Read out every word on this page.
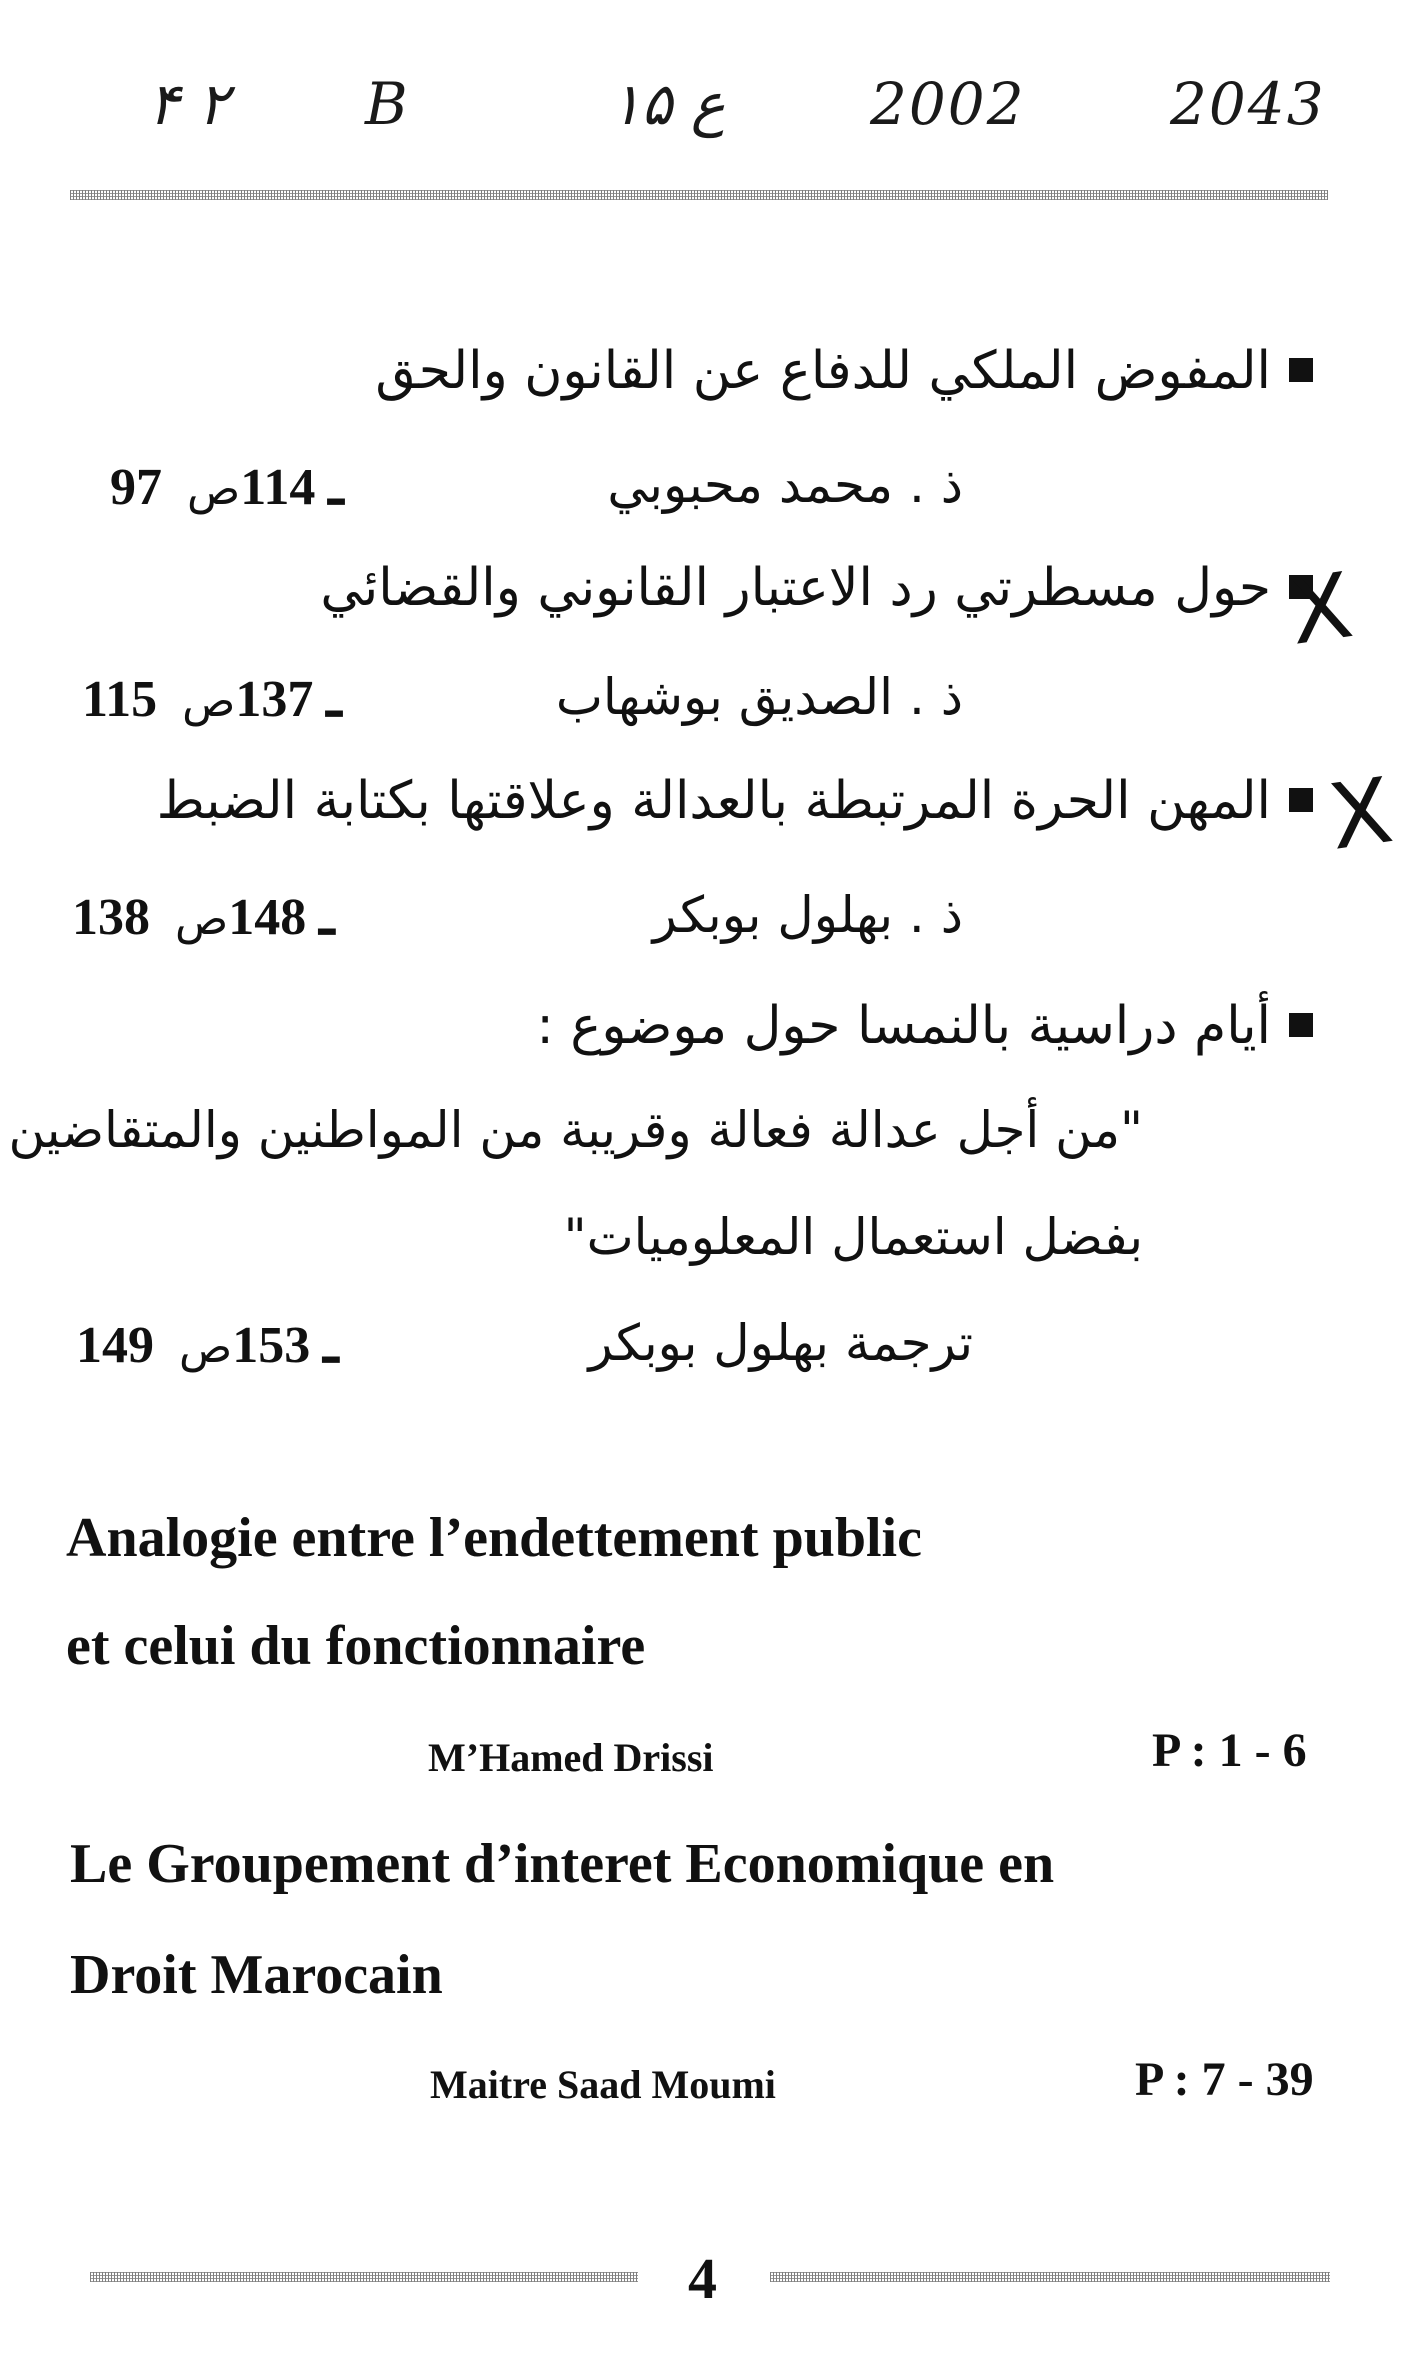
۴ ۲ B	۱۵ ع 2002 2043
المفوض الملكي للدفاع عن القانون والحق
ذ . محمد محبوبي
97 ـ 114ص
حول مسطرتي رد الاعتبار القانوني والقضائي X
ذ . الصديق بوشهاب
115 ـ 137ص
المهن الحرة المرتبطة بالعدالة وعلاقتها بكتابة الضبط X
ذ . بهلول بوبكر
138 ـ 148ص
أيام دراسية بالنمسا حول موضوع :
"من أجل عدالة فعالة وقريبة من المواطنين والمتقاضين
بفضل استعمال المعلوميات"
ترجمة بهلول بوبكر
149 ـ 153ص
Analogie entre l’endettement public
et celui du fonctionnaire
M’Hamed Drissi	P : 1 - 6
Le Groupement d’interet Economique en
Droit Marocain
Maitre Saad Moumi	P : 7 - 39
4
